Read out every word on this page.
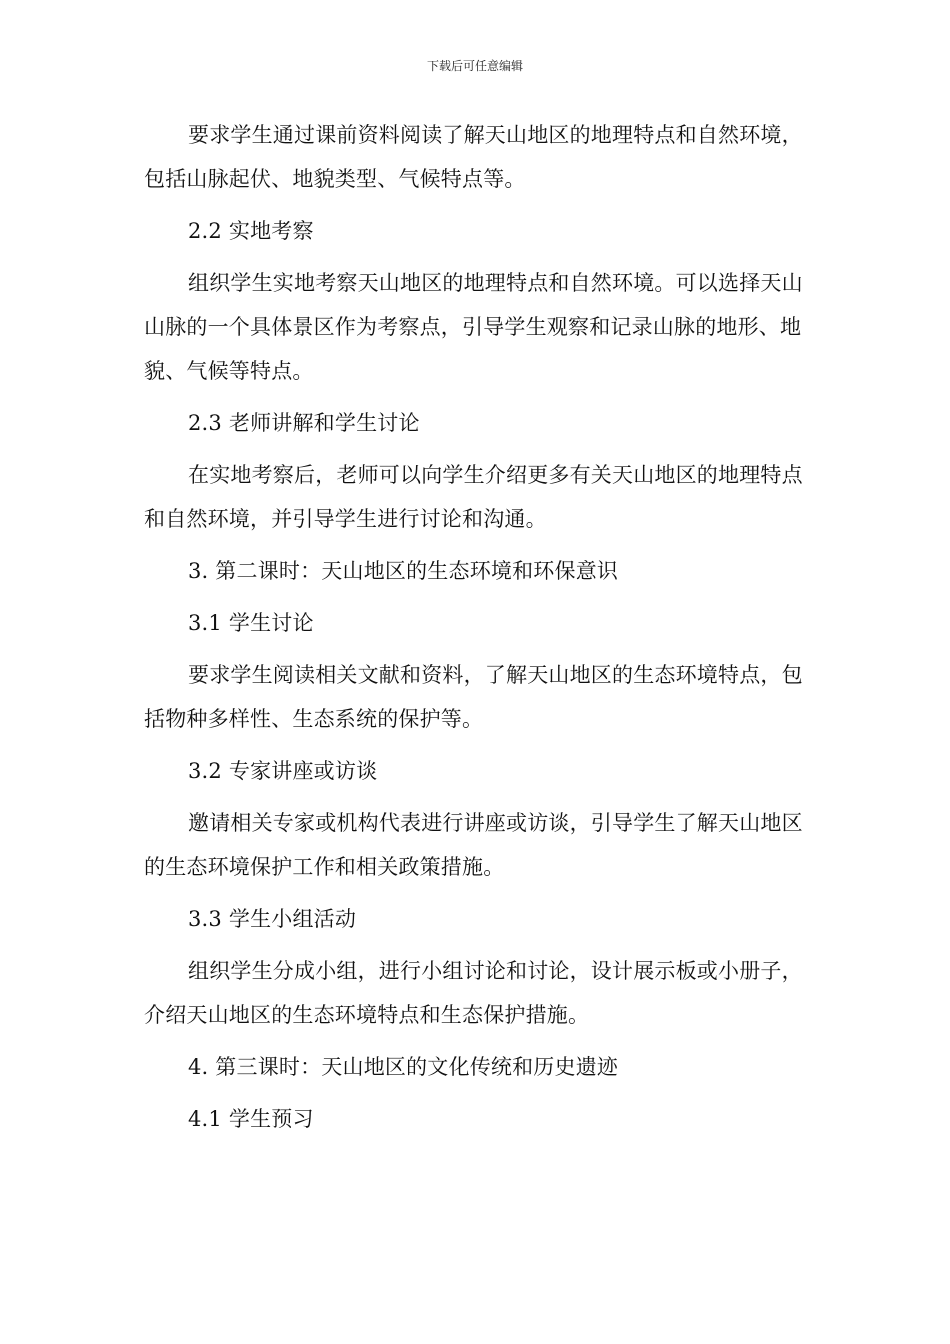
下载后可任意编辑

要求学生通过课前资料阅读了解天山地区的地理特点和自然环境，包括山脉起伏、地貌类型、气候特点等。

2.2 实地考察

组织学生实地考察天山地区的地理特点和自然环境。可以选择天山山脉的一个具体景区作为考察点，引导学生观察和记录山脉的地形、地貌、气候等特点。

2.3 老师讲解和学生讨论

在实地考察后，老师可以向学生介绍更多有关天山地区的地理特点和自然环境，并引导学生进行讨论和沟通。

3. 第二课时：天山地区的生态环境和环保意识

3.1 学生讨论

要求学生阅读相关文献和资料，了解天山地区的生态环境特点，包括物种多样性、生态系统的保护等。

3.2 专家讲座或访谈

邀请相关专家或机构代表进行讲座或访谈，引导学生了解天山地区的生态环境保护工作和相关政策措施。

3.3 学生小组活动

组织学生分成小组，进行小组讨论和讨论，设计展示板或小册子，介绍天山地区的生态环境特点和生态保护措施。

4. 第三课时：天山地区的文化传统和历史遗迹

4.1 学生预习
